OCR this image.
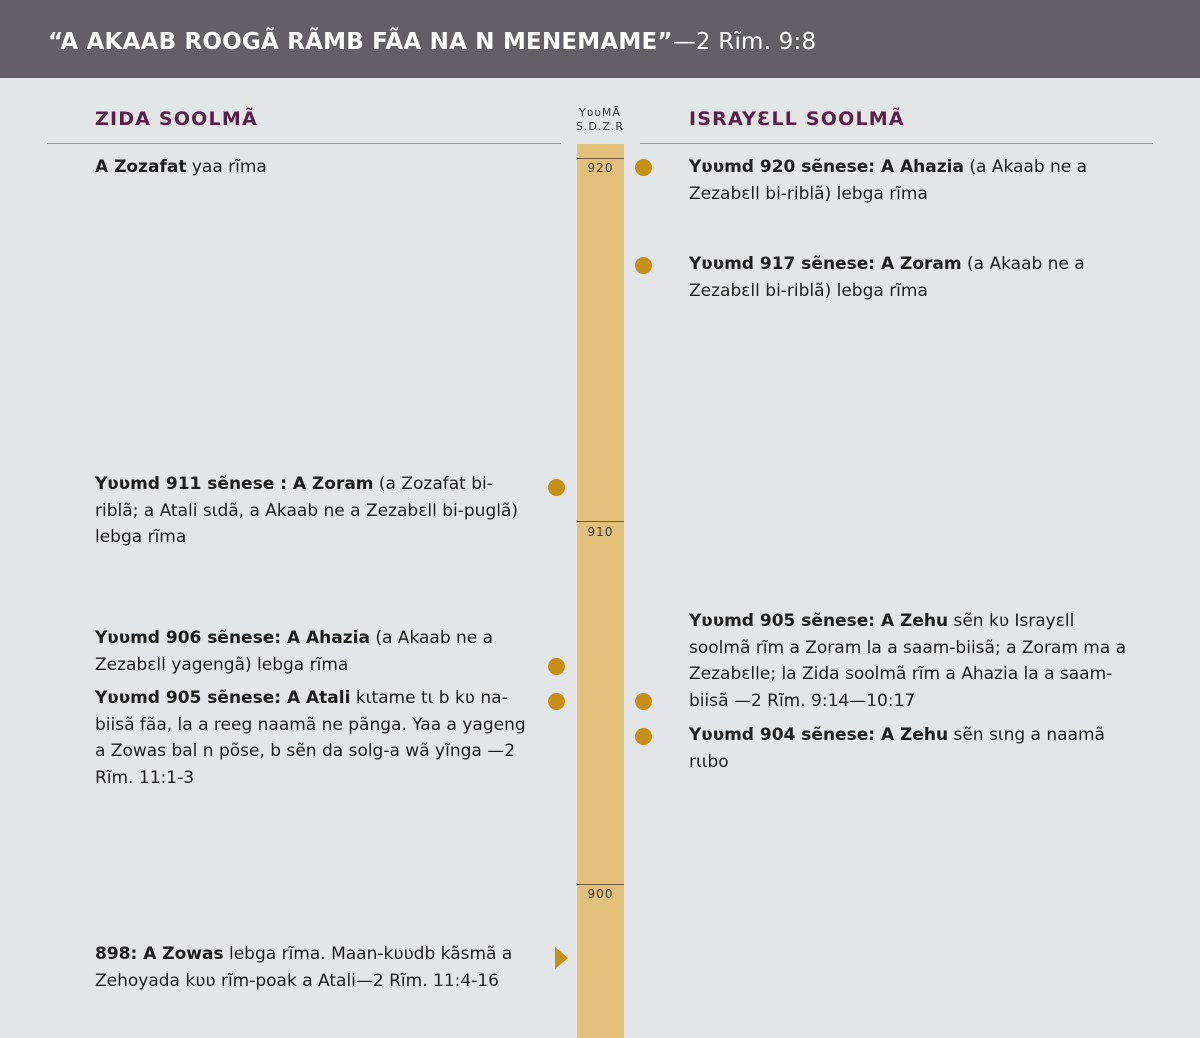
“A AKAAB ROOGÃ RÃMB FÃA NA N MENEMAME”—2 Rĩm. 9:8
ZIDA SOOLMÃ	ISRAYƐLL SOOLMÃ
YʋʋMÃ
S.D.Z.R
920
910
900
A Zozafat yaa rĩma
Yʋʋmd 911 sẽnese : A Zoram (a Zozafat bi-riblã; a Atali sɩdã, a Akaab ne a Zezabɛll bi-puglã) lebga rĩma
Yʋʋmd 906 sẽnese: A Ahazia (a Akaab ne a Zezabɛll yagengã) lebga rĩma
Yʋʋmd 905 sẽnese: A Atali kɩtame tɩ b kʋ na-biisã fãa, la a reeg naamã ne pãnga. Yaa a yageng a Zowas bal n põse, b sẽn da solg-a wã yĩnga —2 Rĩm. 11:1-3
898: A Zowas lebga rĩma. Maan-kʋʋdb kãsmã a Zehoyada kʋʋ rĩm-poak a Atali—2 Rĩm. 11:4-16
Yʋʋmd 920 sẽnese: A Ahazia (a Akaab ne a Zezabɛll bi-riblã) lebga rĩma
Yʋʋmd 917 sẽnese: A Zoram (a Akaab ne a Zezabɛll bi-riblã) lebga rĩma
Yʋʋmd 905 sẽnese: A Zehu sẽn kʋ Israyɛll soolmã rĩm a Zoram la a saam-biisã; a Zoram ma a Zezabɛlle; la Zida soolmã rĩm a Ahazia la a saam-biisã —2 Rĩm. 9:14—10:17
Yʋʋmd 904 sẽnese: A Zehu sẽn sɩng a naamã rɩɩbo
